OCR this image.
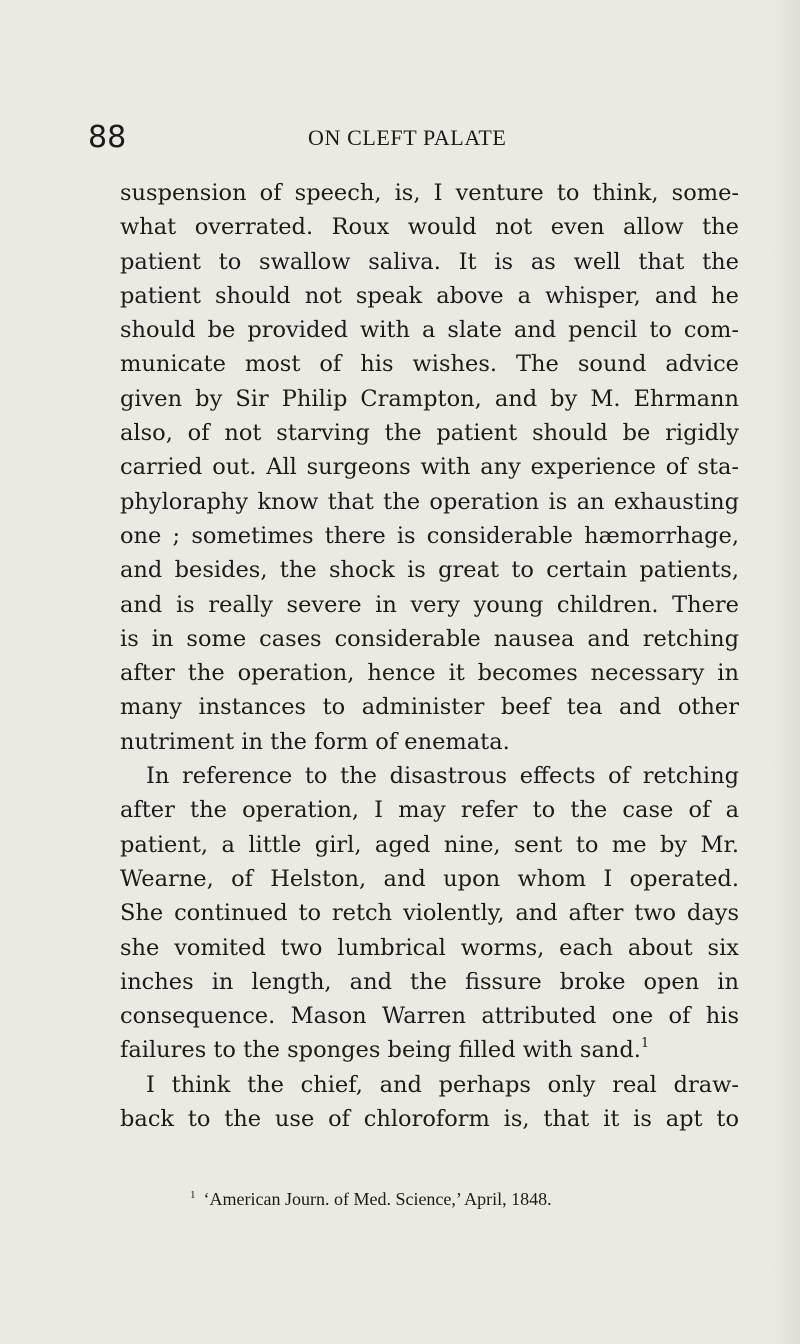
88	ON CLEFT PALATE
suspension of speech, is, I venture to think, some-
what overrated. Roux would not even allow the
patient to swallow saliva. It is as well that the
patient should not speak above a whisper, and he
should be provided with a slate and pencil to com-
municate most of his wishes. The sound advice
given by Sir Philip Crampton, and by M. Ehrmann
also, of not starving the patient should be rigidly
carried out. All surgeons with any experience of sta-
phyloraphy know that the operation is an exhausting
one ; sometimes there is considerable hæmorrhage,
and besides, the shock is great to certain patients,
and is really severe in very young children. There
is in some cases considerable nausea and retching
after the operation, hence it becomes necessary in
many instances to administer beef tea and other
nutriment in the form of enemata.
In reference to the disastrous effects of retching
after the operation, I may refer to the case of a
patient, a little girl, aged nine, sent to me by Mr.
Wearne, of Helston, and upon whom I operated.
She continued to retch violently, and after two days
she vomited two lumbrical worms, each about six
inches in length, and the fissure broke open in
consequence. Mason Warren attributed one of his
failures to the sponges being filled with sand.$^1$
I think the chief, and perhaps only real draw-
back to the use of chloroform is, that it is apt to
$^1$ ‘American Journ. of Med. Science,’ April, 1848.
